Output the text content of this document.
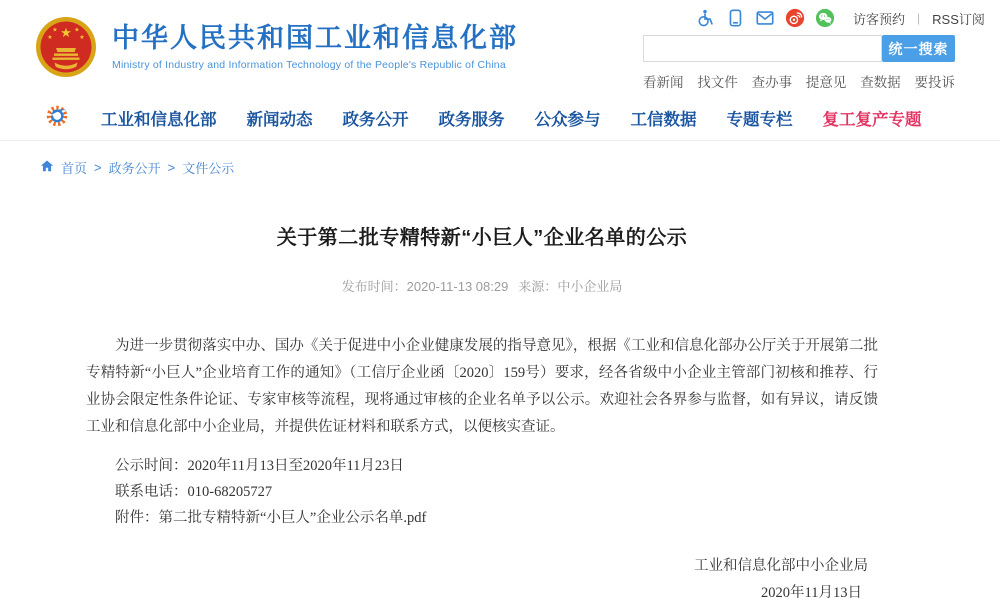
★
★	★
★	★ 中华人民共和国工业和信息化部
Ministry of Industry and Information Technology of the People's Republic of China
访客预约 | RSS订阅
统一搜索
看新闻 找文件 查办事 提意见 查数据 要投诉
工业和信息化部 新闻动态 政务公开 政务服务 公众参与 工信数据 专题专栏 复工复产专题
首页 > 政务公开 > 文件公示
关于第二批专精特新“小巨人”企业名单的公示
发布时间：2020-11-13 08:29 来源：中小企业局

为进一步贯彻落实中办、国办《关于促进中小企业健康发展的指导意见》，根据《工业和信息化部办公厅关于开展第二批专精特新“小巨人”企业培育工作的通知》（工信厅企业函〔2020〕159号）要求，经各省级中小企业主管部门初核和推荐、行业协会限定性条件论证、专家审核等流程，现将通过审核的企业名单予以公示。欢迎社会各界参与监督，如有异议，请反馈工业和信息化部中小企业局，并提供佐证材料和联系方式，以便核实查证。

公示时间：2020年11月13日至2020年11月23日
联系电话：010-68205727
附件：第二批专精特新“小巨人”企业公示名单.pdf
工业和信息化部中小企业局
2020年11月13日
